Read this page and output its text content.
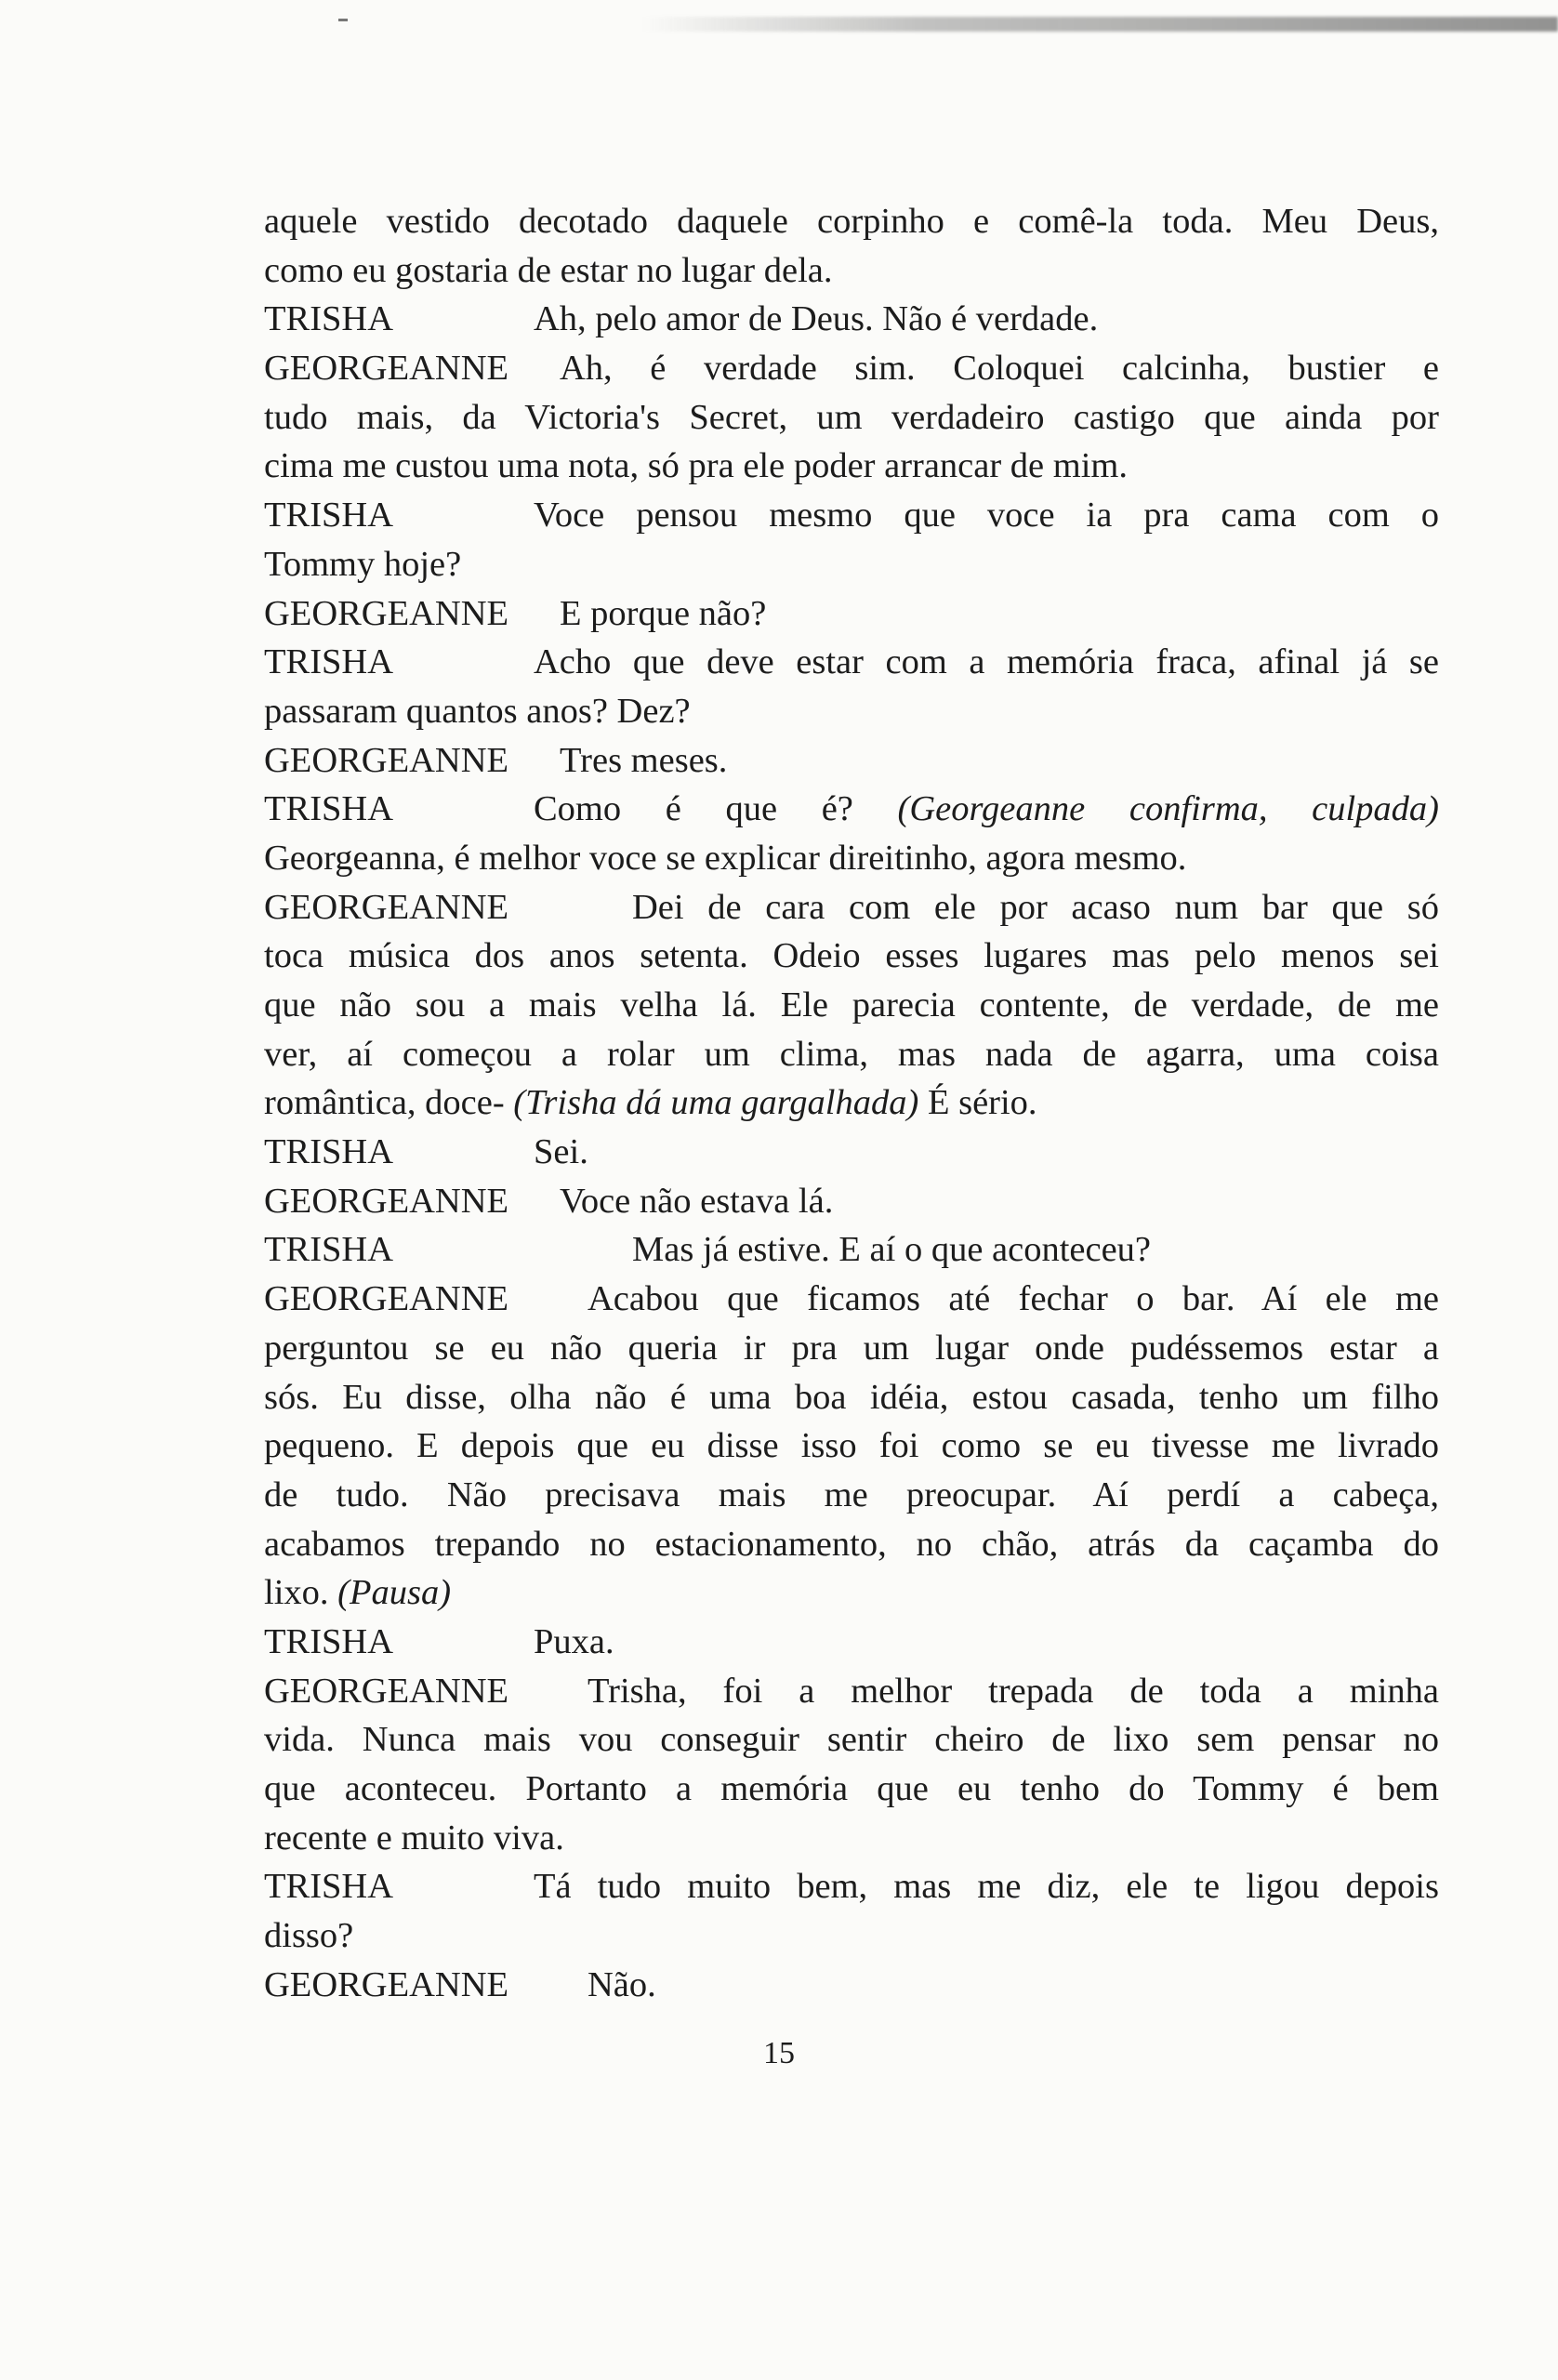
aquele vestido decotado daquele corpinho e comê-la toda. Meu Deus,
como eu gostaria de estar no lugar dela.
TRISHA	Ah, pelo amor de Deus. Não é verdade.
GEORGEANNE Ah, é verdade sim. Coloquei calcinha, bustier e
tudo mais, da Victoria's Secret, um verdadeiro castigo que ainda por
cima me custou uma nota, só pra ele poder arrancar de mim.
TRISHA	Voce pensou mesmo que voce ia pra cama com o
Tommy hoje?
GEORGEANNE E porque não?
TRISHA	Acho que deve estar com a memória fraca, afinal já se
passaram quantos anos? Dez?
GEORGEANNE Tres meses.
TRISHA	Como é que é? (Georgeanne confirma, culpada)
Georgeanna, é melhor voce se explicar direitinho, agora mesmo.
GEORGEANNE	Dei de cara com ele por acaso num bar que só
toca música dos anos setenta. Odeio esses lugares mas pelo menos sei
que não sou a mais velha lá. Ele parecia contente, de verdade, de me
ver, aí começou a rolar um clima, mas nada de agarra, uma coisa
romântica, doce- (Trisha dá uma gargalhada) É sério.
TRISHA	Sei.
GEORGEANNE Voce não estava lá.
TRISHA	Mas já estive. E aí o que aconteceu?
GEORGEANNE Acabou que ficamos até fechar o bar. Aí ele me
perguntou se eu não queria ir pra um lugar onde pudéssemos estar a
sós. Eu disse, olha não é uma boa idéia, estou casada, tenho um filho
pequeno. E depois que eu disse isso foi como se eu tivesse me livrado
de tudo. Não precisava mais me preocupar. Aí perdí a cabeça,
acabamos trepando no estacionamento, no chão, atrás da caçamba do
lixo. (Pausa)
TRISHA	Puxa.
GEORGEANNE Trisha, foi a melhor trepada de toda a minha
vida. Nunca mais vou conseguir sentir cheiro de lixo sem pensar no
que aconteceu. Portanto a memória que eu tenho do Tommy é bem
recente e muito viva.
TRISHA	Tá tudo muito bem, mas me diz, ele te ligou depois
disso?
GEORGEANNE Não.
15
